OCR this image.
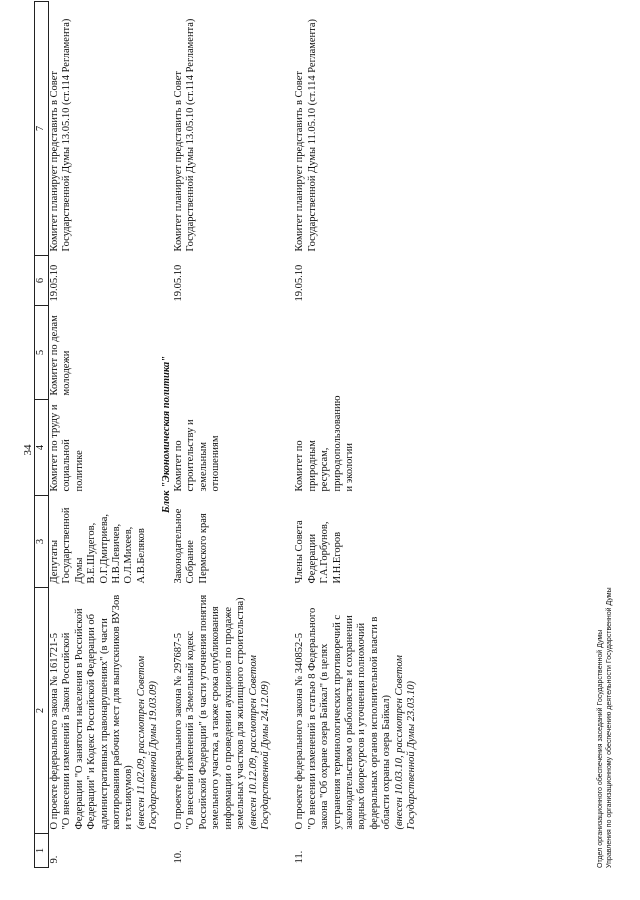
34
1	2	3	4	5	6	7
9.	О проекте федерального закона № 161721-5 "О внесении изменений в Закон Российской Федерации "О занятости населения в Российской Федерации" и Кодекс Российской Федерации об административных правонарушениях" (в части квотирования рабочих мест для выпускников ВУЗов и техникумов) (внесен 11.02.09, рассмотрен Советом Государственной Думы 19.03.09)	Депутаты Государственной Думы В.Е.Шудегов, О.Г.Дмитриева, Н.В.Левичев, О.Л.Михеев, А.В.Беляков	Комитет по труду и социальной политике	Комитет по делам молодежи	19.05.10	Комитет планирует представить в Совет Государственной Думы 13.05.10 (ст.114 Регламента)
Блок "Экономическая политика"						
10.	О проекте федерального закона № 297687-5 "О внесении изменений в Земельный кодекс Российской Федерации" (в части уточнения понятия земельного участка, а также срока опубликования информации о проведении аукционов по продаже земельных участков для жилищного строительства) (внесен 10.12.09, рассмотрен Советом Государственной Думы 24.12.09)	Законодательное Собрание Пермского края	Комитет по строительству и земельным отношениям		19.05.10	Комитет планирует представить в Совет Государственной Думы 13.05.10 (ст.114 Регламента)

11.	О проекте федерального закона № 340852-5 "О внесении изменений в статью 8 Федерального закона "Об охране озера Байкал" (в целях устранения терминологических противоречий с законодательством о рыболовстве и сохранении водных биоресурсов и уточнения полномочий федеральных органов исполнительной власти в области охраны озера Байкал) (внесен 10.03.10, рассмотрен Советом Государственной Думы 23.03.10)	Члены Совета Федерации Г.А.Горбунов, И.Н.Егоров	Комитет по природным ресурсам, природопользованию и экологии		19.05.10	Комитет планирует представить в Совет Государственной Думы 11.05.10 (ст.114 Регламента)
Отдел организационного обеспечения заседаний Государственной Думы Управления по организационному обеспечению деятельности Государственной Думы
